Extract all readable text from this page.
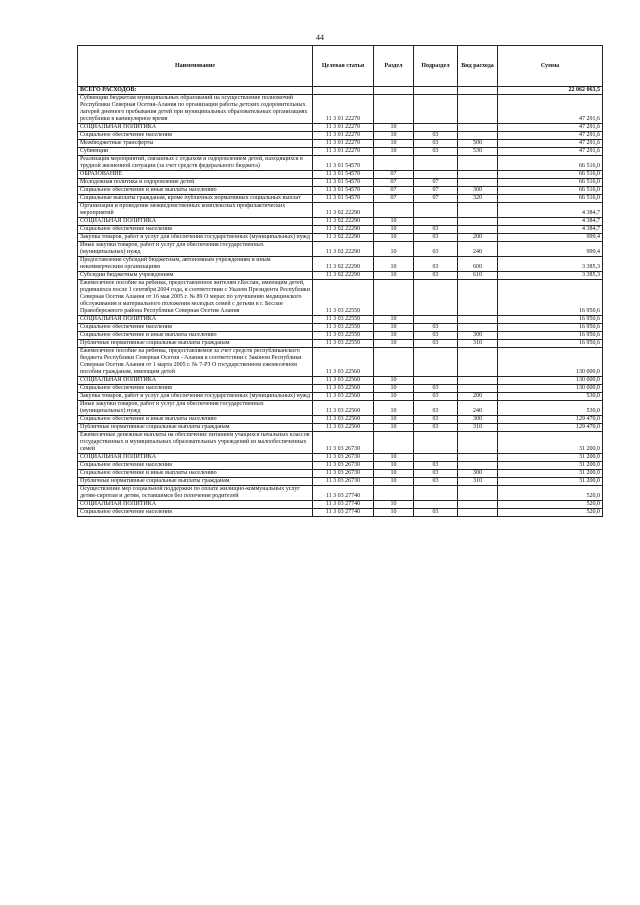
44
Наименование	Целевая статья	Раздел	Подраздел	Вид расхода	Сумма
ВСЕГО РАСХОДОВ:					22 062 063,5
Субвенции бюджетам муниципальных образований на осуществление полномочий Республики Северная Осетия-Алания по организации работы детских оздоровительных лагерей дневного пребывания детей при муниципальных образовательных организациях республики в каникулярное время	11 3 01 22270				47 291,6
СОЦИАЛЬНАЯ ПОЛИТИКА	11 3 01 22270	10			47 291,6
Социальное обеспечение населения	11 3 01 22270	10	03		47 291,6
Межбюджетные трансферты	11 3 01 22270	10	03	500	47 291,6
Субвенции	11 3 01 22270	10	03	530	47 291,6
Реализация мероприятий, связанных с отдыхом и оздоровлением детей, находящихся в трудной жизненной ситуации (за счет средств федерального бюджета)	11 3 01 54570				66 516,0
ОБРАЗОВАНИЕ	11 3 01 54570	07			66 516,0
Молодежная политика и оздоровление детей	11 3 01 54570	07	07		66 516,0
Социальное обеспечение и иные выплаты населению	11 3 01 54570	07	07	300	66 516,0
Социальные выплаты гражданам, кроме публичных нормативных социальных выплат	11 3 01 54570	07	07	320	66 516,0
Организация и проведение межведомственных комплексных профилактических мероприятий	11 3 02 22290				4 384,7
СОЦИАЛЬНАЯ ПОЛИТИКА	11 3 02 22290	10			4 384,7
Социальное обеспечение населения	11 3 02 22290	10	03		4 384,7
Закупка товаров, работ и услуг для обеспечения государственных (муниципальных) нужд	11 3 02 22290	10	03	200	999,4
Иные закупки товаров, работ и услуг для обеспечения государственных (муниципальных) нужд	11 3 02 22290	10	03	240	999,4
Предоставление субсидий бюджетным, автономным учреждениям и иным некоммерческим организациям	11 3 02 22290	10	03	600	3 385,3
Субсидии бюджетным учреждениям	11 3 02 22290	10	03	610	3 385,3
Ежемесячное пособие на ребенка, предоставленное жителям г.Беслан, имеющим детей, родившихся после 1 сентября 2004 года, в соответствии с Указом Президента Республики Северная Осетия Алания от 16 мая 2005 г. № 89 О мерах по улучшению медицинского обслуживания и материального положения молодых семей с детьми в г. Беслан Правобережного района Республики Северная Осетия Алания	11 3 03 22550				16 950,6
СОЦИАЛЬНАЯ ПОЛИТИКА	11 3 03 22550	10			16 950,6
Социальное обеспечение населения	11 3 03 22550	10	03		16 950,6
Социальное обеспечение и иные выплаты населению	11 3 03 22550	10	03	300	16 950,6
Публичные нормативные социальные выплаты гражданам	11 3 03 22550	10	03	310	16 950,6
Ежемесячное пособие на ребенка, предоставляемое за счет средств республиканского бюджета Республики Северная Осетия - Алания в соответствии с Законом Республики Северная Осетия Алания от 1 марта 2005 г. № 7-РЗ О государственном ежемесячном пособии гражданам, имеющим детей	11 3 03 22560				130 000,0
СОЦИАЛЬНАЯ ПОЛИТИКА	11 3 03 22560	10			130 000,0
Социальное обеспечение населения	11 3 03 22560	10	03		130 000,0
Закупка товаров, работ и услуг для обеспечения государственных (муниципальных) нужд	11 3 03 22560	10	03	200	530,0
Иные закупки товаров, работ и услуг для обеспечения государственных (муниципальных) нужд	11 3 03 22560	10	03	240	530,0
Социальное обеспечение и иные выплаты населению	11 3 03 22560	10	03	300	129 470,0
Публичные нормативные социальные выплаты гражданам	11 3 03 22560	10	03	310	129 470,0
Ежемесячные денежные выплаты на обеспечение питанием учащихся начальных классов государственных и муниципальных образовательных учреждений из малообеспеченных семей	11 3 03 26730				31 200,0
СОЦИАЛЬНАЯ ПОЛИТИКА	11 3 03 26730	10			31 200,0
Социальное обеспечение населения	11 3 03 26730	10	03		31 200,0
Социальное обеспечение и иные выплаты населению	11 3 03 26730	10	03	300	31 200,0
Публичные нормативные социальные выплаты гражданам	11 3 03 26730	10	03	310	31 200,0
Осуществление мер социальной поддержки по оплате жилищно-коммунальных услуг детям-сиротам и детям, оставшимся без попечения родителей	11 3 03 27740				520,0
СОЦИАЛЬНАЯ ПОЛИТИКА	11 3 03 27740	10			520,0
Социальное обеспечение населения	11 3 03 27740	10	03		520,0
